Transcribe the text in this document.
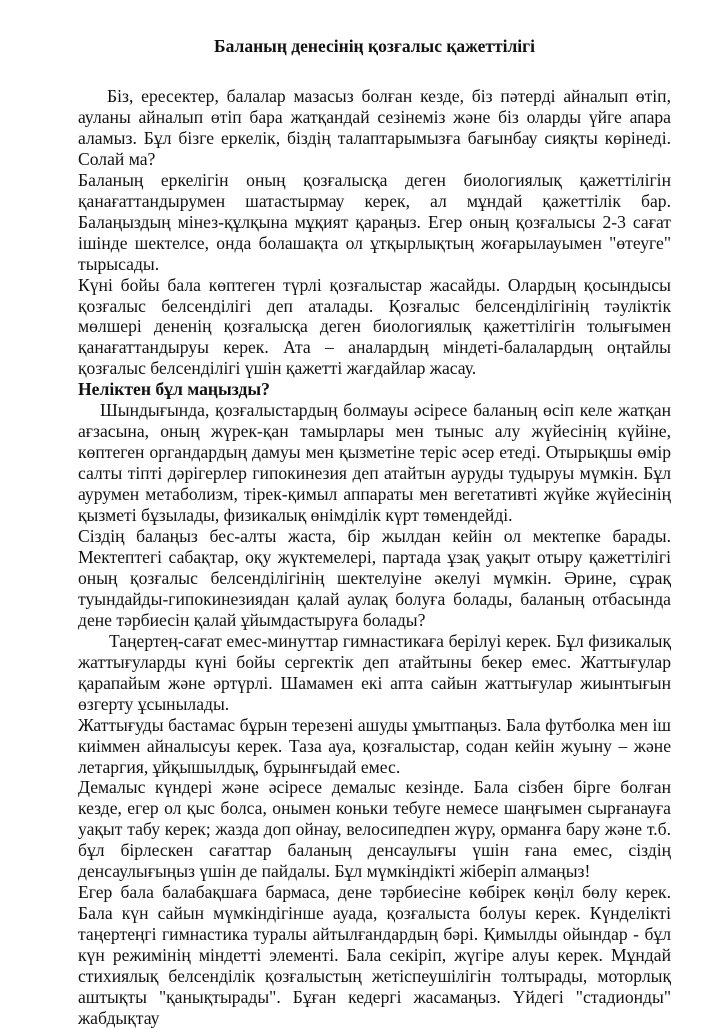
Баланың денесінің қозғалыс қажеттілігі

Біз, ересектер, балалар мазасыз болған кезде, біз пәтерді айналып өтіп, ауланы айналып өтіп бара жатқандай сезінеміз және біз оларды үйге апара аламыз. Бұл бізге еркелік, біздің талаптарымызға бағынбау сияқты көрінеді. Солай ма?

Баланың еркелігін оның қозғалысқа деген биологиялық қажеттілігін қанағаттандырумен шатастырмау керек, ал мұндай қажеттілік бар. Балаңыздың мінез-құлқына мұқият қараңыз. Егер оның қозғалысы 2-3 сағат ішінде шектелсе, онда болашақта ол ұтқырлықтың жоғарылауымен "өтеуге" тырысады.

Күні бойы бала көптеген түрлі қозғалыстар жасайды. Олардың қосындысы қозғалыс белсенділігі деп аталады. Қозғалыс белсенділігінің тәуліктік мөлшері дененің қозғалысқа деген биологиялық қажеттілігін толығымен қанағаттандыруы керек. Ата – аналардың міндеті-балалардың оңтайлы қозғалыс белсенділігі үшін қажетті жағдайлар жасау.

Неліктен бұл маңызды?

Шындығында, қозғалыстардың болмауы әсіресе баланың өсіп келе жатқан ағзасына, оның жүрек-қан тамырлары мен тыныс алу жүйесінің күйіне, көптеген органдардың дамуы мен қызметіне теріс әсер етеді. Отырықшы өмір салты тіпті дәрігерлер гипокинезия деп атайтын ауруды тудыруы мүмкін. Бұл аурумен метаболизм, тірек-қимыл аппараты мен вегетативті жүйке жүйесінің қызметі бұзылады, физикалық өнімділік күрт төмендейді.

Сіздің балаңыз бес-алты жаста, бір жылдан кейін ол мектепке барады. Мектептегі сабақтар, оқу жүктемелері, партада ұзақ уақыт отыру қажеттілігі оның қозғалыс белсенділігінің шектелуіне әкелуі мүмкін. Әрине, сұрақ туындайды-гипокинезиядан қалай аулақ болуға болады, баланың отбасында дене тәрбиесін қалай ұйымдастыруға болады?

Таңертең-сағат емес-минуттар гимнастикаға берілуі керек. Бұл физикалық жаттығуларды күні бойы сергектік деп атайтыны бекер емес. Жаттығулар қарапайым және әртүрлі. Шамамен екі апта сайын жаттығулар жиынтығын өзгерту ұсынылады.

Жаттығуды бастамас бұрын терезені ашуды ұмытпаңыз. Бала футболка мен іш киіммен айналысуы керек. Таза ауа, қозғалыстар, содан кейін жуыну – және летаргия, ұйқышылдық, бұрынғыдай емес.

Демалыс күндері және әсіресе демалыс кезінде. Бала сізбен бірге болған кезде, егер ол қыс болса, онымен коньки тебуге немесе шаңғымен сырғанауға уақыт табу керек; жазда доп ойнау, велосипедпен жүру, орманға бару және т.б. бұл бірлескен сағаттар баланың денсаулығы үшін ғана емес, сіздің денсаулығыңыз үшін де пайдалы. Бұл мүмкіндікті жіберіп алмаңыз!

Егер бала балабақшаға бармаса, дене тәрбиесіне көбірек көңіл бөлу керек. Бала күн сайын мүмкіндігінше ауада, қозғалыста болуы керек. Күнделікті таңертеңгі гимнастика туралы айтылғандардың бәрі. Қимылды ойындар - бұл күн режимінің міндетті элементі. Бала секіріп, жүгіре алуы керек. Мұндай стихиялық белсенділік қозғалыстың жетіспеушілігін толтырады, моторлық аштықты "қанықтырады". Бұған кедергі жасамаңыз. Үйдегі "стадионды" жабдықтау
